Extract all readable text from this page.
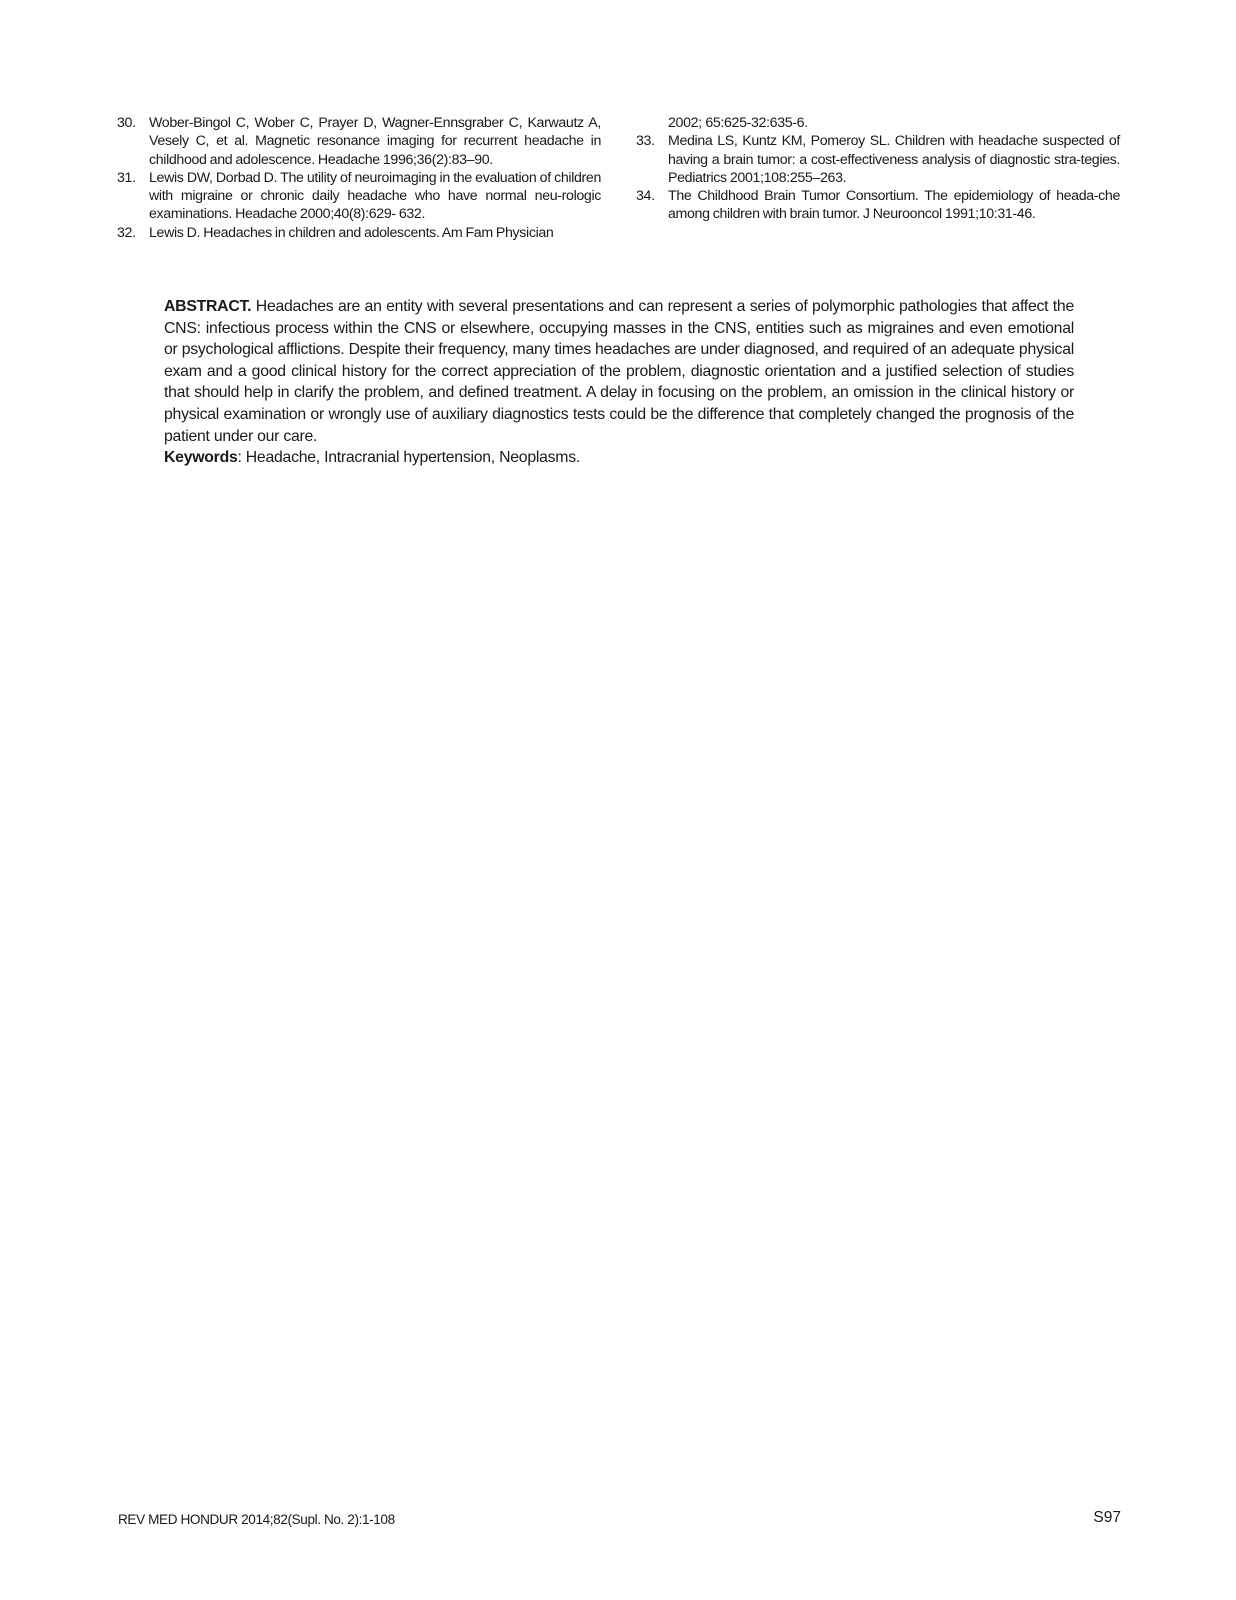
30. Wober-Bingol C, Wober C, Prayer D, Wagner-Ennsgraber C, Karwautz A, Vesely C, et al. Magnetic resonance imaging for recurrent headache in childhood and adolescence. Headache 1996;36(2):83–90.
31. Lewis DW, Dorbad D. The utility of neuroimaging in the evaluation of children with migraine or chronic daily headache who have normal neu-rologic examinations. Headache 2000;40(8):629- 632.
32. Lewis D. Headaches in children and adolescents. Am Fam Physician
2002; 65:625-32:635-6.
33. Medina LS, Kuntz KM, Pomeroy SL. Children with headache suspected of having a brain tumor: a cost-effectiveness analysis of diagnostic stra-tegies. Pediatrics 2001;108:255–263.
34. The Childhood Brain Tumor Consortium. The epidemiology of heada-che among children with brain tumor. J Neurooncol 1991;10:31-46.
ABSTRACT. Headaches are an entity with several presentations and can represent a series of polymorphic pathologies that affect the CNS: infectious process within the CNS or elsewhere, occupying masses in the CNS, entities such as migraines and even emotional or psychological afflictions. Despite their frequency, many times headaches are under diagnosed, and required of an adequate physical exam and a good clinical history for the correct appreciation of the problem, diagnostic orientation and a justified selection of studies that should help in clarify the problem, and defined treatment. A delay in focusing on the problem, an omission in the clinical history or physical examination or wrongly use of auxiliary diagnostics tests could be the difference that completely changed the prognosis of the patient under our care.
Keywords: Headache, Intracranial hypertension, Neoplasms.
REV MED HONDUR 2014;82(Supl. No. 2):1-108	S97
